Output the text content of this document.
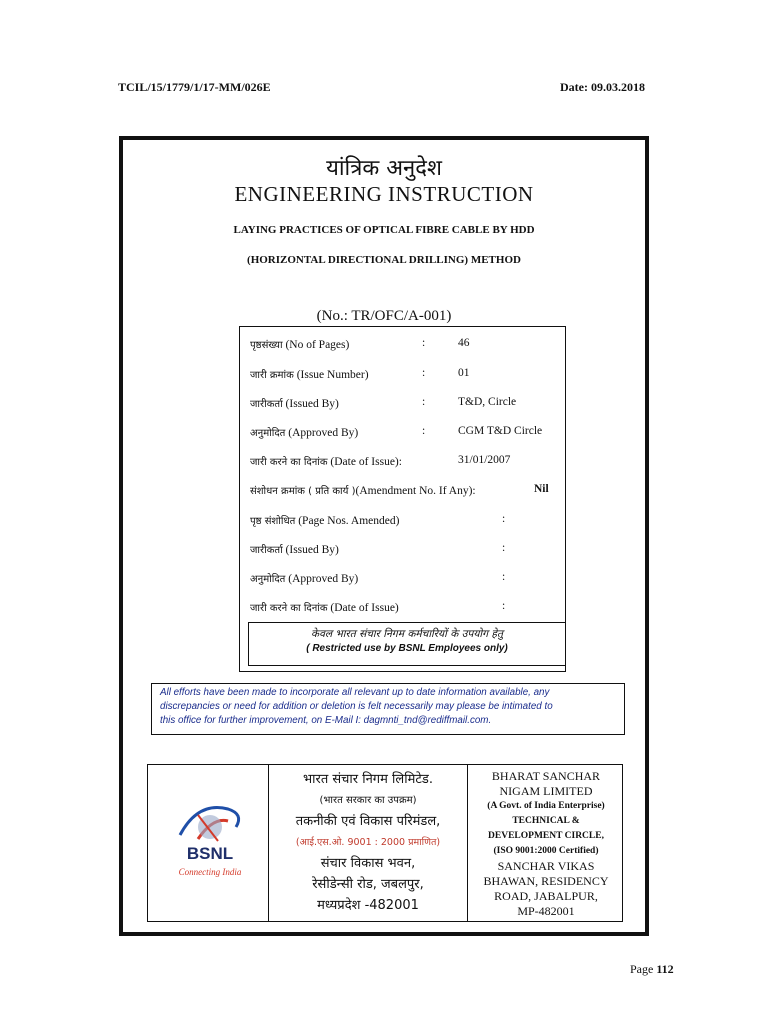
TCIL/15/1779/1/17-MM/026E	Date: 09.03.2018
यांत्रिक अनुदेश
ENGINEERING INSTRUCTION
LAYING PRACTICES OF OPTICAL FIBRE CABLE BY HDD
(HORIZONTAL DIRECTIONAL DRILLING) METHOD
(No.: TR/OFC/A-001)
पृष्ठसंख्या (No of Pages)	:	46
जारी क्रमांक (Issue Number)	:	01
जारीकर्ता (Issued By)	:	T&D, Circle
अनुमोदित (Approved By)	:	CGM T&D Circle
जारी करने का दिनांक (Date of Issue):	31/01/2007
संशोधन क्रमांक ( प्रति कार्य )(Amendment No. If Any):	Nil
पृष्ठ संशोधित (Page Nos. Amended)	:
जारीकर्ता (Issued By)	:
अनुमोदित (Approved By)	:
जारी करने का दिनांक (Date of Issue)	:
केवल भारत संचार निगम कर्मचारियों के उपयोग हेतु
( Restricted use by BSNL Employees only)

All efforts have been made to incorporate all relevant up to date information available, any

discrepancies or need for addition or deletion is felt necessarily may please be intimated to

this office for further improvement, on E-Mail I: dagmnti_tnd@rediffmail.com.

BSNL
Connecting India
भारत संचार निगम लिमिटेड.
(भारत सरकार का उपक्रम)
तकनीकी एवं विकास परिमंडल,
(आई.एस.ओ. 9001 : 2000 प्रमाणित)
संचार विकास भवन,
रेसीडेन्सी रोड, जबलपुर,
मध्यप्रदेश -482001
BHARAT SANCHAR
NIGAM LIMITED
(A Govt. of India Enterprise)
TECHNICAL &
DEVELOPMENT CIRCLE,
(ISO 9001:2000 Certified)
SANCHAR VIKAS
BHAWAN, RESIDENCY
ROAD, JABALPUR,
MP-482001
Page 112
